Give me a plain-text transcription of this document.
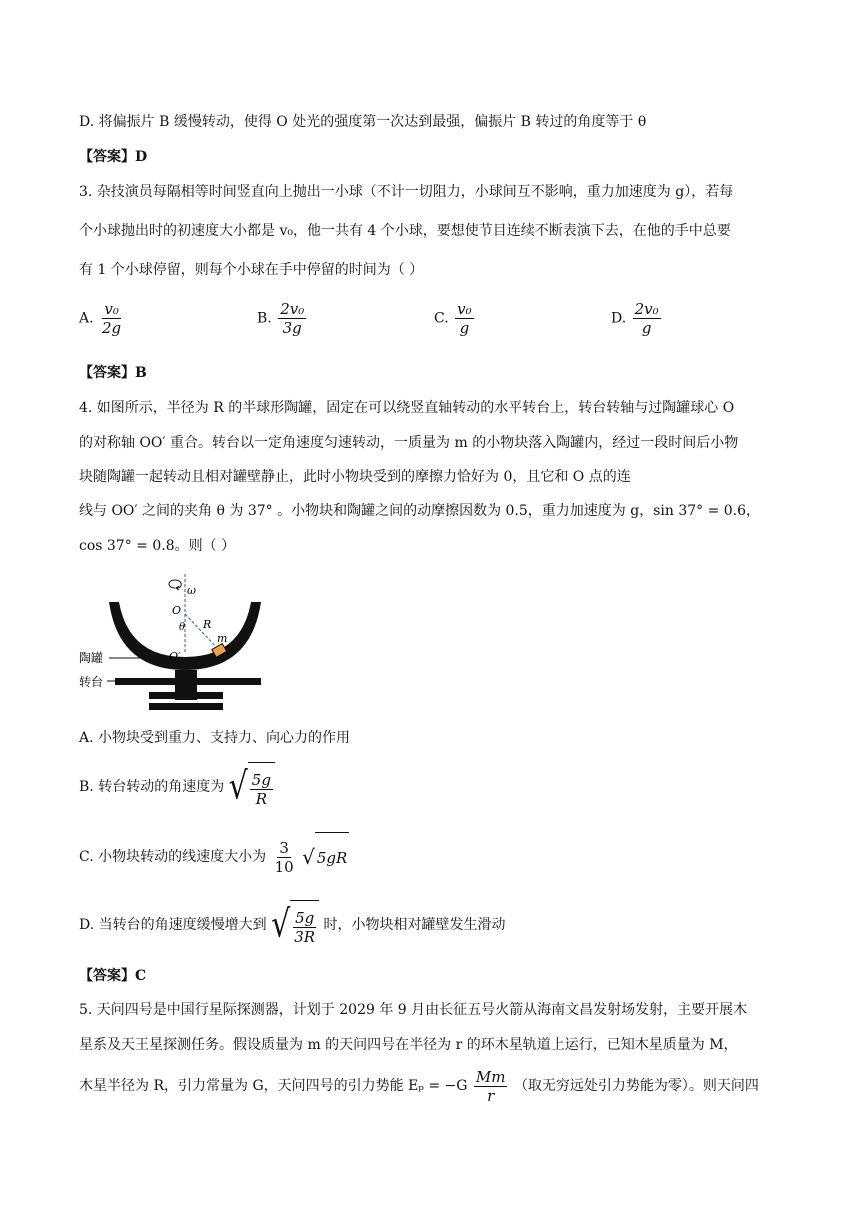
D. 将偏振片 B 缓慢转动，使得 O 处光的强度第一次达到最强，偏振片 B 转过的角度等于 θ
【答案】D
3. 杂技演员每隔相等时间竖直向上抛出一小球（不计一切阻力，小球间互不影响，重力加速度为 g），若每
个小球抛出时的初速度大小都是 v₀，他一共有 4 个小球，要想使节目连续不断表演下去，在他的手中总要
有 1 个小球停留，则每个小球在手中停留的时间为（ ）
A. $\frac{\text{v₀}}{2g}$	B. $\frac{\text{2v₀}}{3g}$	C. $\frac{\text{v₀}}{g}$	D. $\frac{\text{2v₀}}{g}$
【答案】B
4. 如图所示，半径为 R 的半球形陶罐，固定在可以绕竖直轴转动的水平转台上，转台转轴与过陶罐球心 O
的对称轴 OO′ 重合。转台以一定角速度匀速转动，一质量为 m 的小物块落入陶罐内，经过一段时间后小物
块随陶罐一起转动且相对罐壁静止，此时小物块受到的摩擦力恰好为 0，且它和 O 点的连
线与 OO′ 之间的夹角 θ 为 37° 。小物块和陶罐之间的动摩擦因数为 0.5，重力加速度为 g，sin 37° = 0.6，
cos 37° = 0.8。则（ ）
ω
O
θ R
m
O′
陶罐
转台
A. 小物块受到重力、支持力、向心力的作用
B. 转台转动的角速度为 √ $\frac{5g}{R}$
C. 小物块转动的线速度大小为 $\frac{3}{10}$
√ 5gR
D. 当转台的角速度缓慢增大到 √ $\frac{5g}{3R}$ 时，小物块相对罐壁发生滑动
【答案】C
5. 天问四号是中国行星际探测器，计划于 2029 年 9 月由长征五号火箭从海南文昌发射场发射，主要开展木
星系及天王星探测任务。假设质量为 m 的天问四号在半径为 r 的环木星轨道上运行，已知木星质量为 M，
木星半径为 R，引力常量为 G，天问四号的引力势能 $E_p = -G \frac{Mm}{r}$ （取无穷远处引力势能为零）。则天问四
